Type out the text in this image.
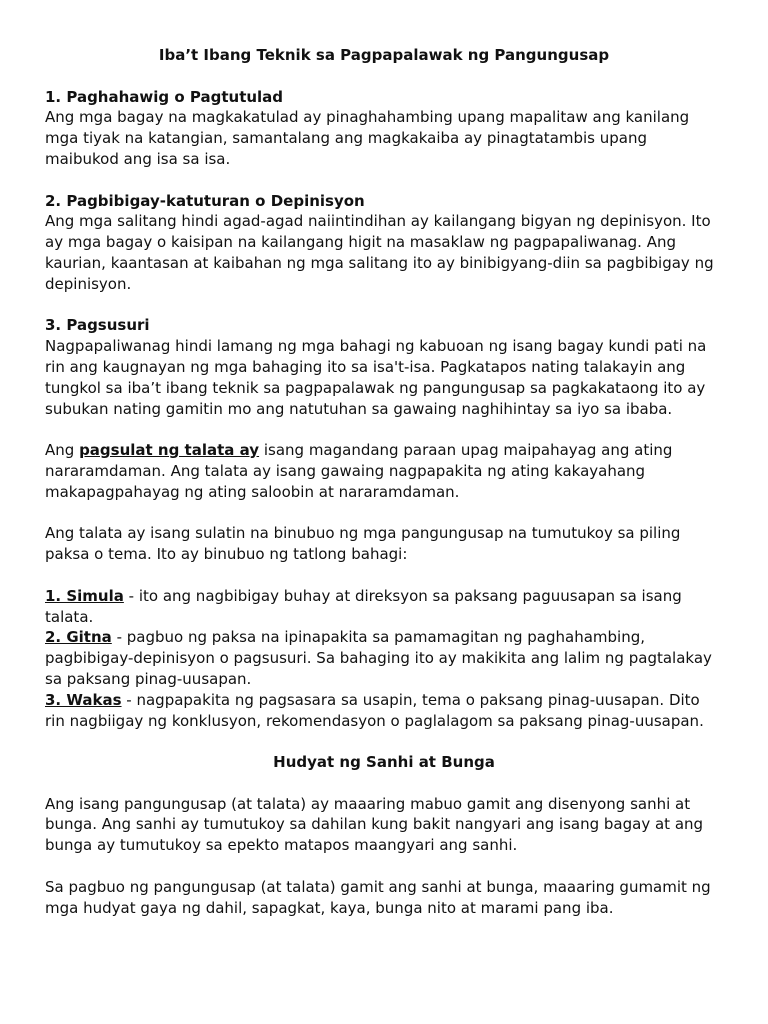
Iba’t Ibang Teknik sa Pagpapalawak ng Pangungusap

1. Paghahawig o Pagtutulad

Ang mga bagay na magkakatulad ay pinaghahambing upang mapalitaw ang kanilang mga tiyak na katangian, samantalang ang magkakaiba ay pinagtatambis upang maibukod ang isa sa isa.

2. Pagbibigay-katuturan o Depinisyon

Ang mga salitang hindi agad-agad naiintindihan ay kailangang bigyan ng depinisyon. Ito ay mga bagay o kaisipan na kailangang higit na masaklaw ng pagpapaliwanag. Ang kaurian, kaantasan at kaibahan ng mga salitang ito ay binibigyang-diin sa pagbibigay ng depinisyon.

3. Pagsusuri

Nagpapaliwanag hindi lamang ng mga bahagi ng kabuoan ng isang bagay kundi pati na rin ang kaugnayan ng mga bahaging ito sa isa't-isa. Pagkatapos nating talakayin ang tungkol sa iba’t ibang teknik sa pagpapalawak ng pangungusap sa pagkakataong ito ay subukan nating gamitin mo ang natutuhan sa gawaing naghihintay sa iyo sa ibaba.

Ang pagsulat ng talata ay isang magandang paraan upag maipahayag ang ating nararamdaman. Ang talata ay isang gawaing nagpapakita ng ating kakayahang makapagpahayag ng ating saloobin at nararamdaman.

Ang talata ay isang sulatin na binubuo ng mga pangungusap na tumutukoy sa piling paksa o tema. Ito ay binubuo ng tatlong bahagi:

1. Simula - ito ang nagbibigay buhay at direksyon sa paksang paguusapan sa isang talata.

2. Gitna - pagbuo ng paksa na ipinapakita sa pamamagitan ng paghahambing, pagbibigay-depinisyon o pagsusuri. Sa bahaging ito ay makikita ang lalim ng pagtalakay sa paksang pinag-uusapan.

3. Wakas - nagpapakita ng pagsasara sa usapin, tema o paksang pinag-uusapan. Dito rin nagbiigay ng konklusyon, rekomendasyon o paglalagom sa paksang pinag-uusapan.

Hudyat ng Sanhi at Bunga

Ang isang pangungusap (at talata) ay maaaring mabuo gamit ang disenyong sanhi at bunga. Ang sanhi ay tumutukoy sa dahilan kung bakit nangyari ang isang bagay at ang bunga ay tumutukoy sa epekto matapos maangyari ang sanhi.

Sa pagbuo ng pangungusap (at talata) gamit ang sanhi at bunga, maaaring gumamit ng mga hudyat gaya ng dahil, sapagkat, kaya, bunga nito at marami pang iba.
